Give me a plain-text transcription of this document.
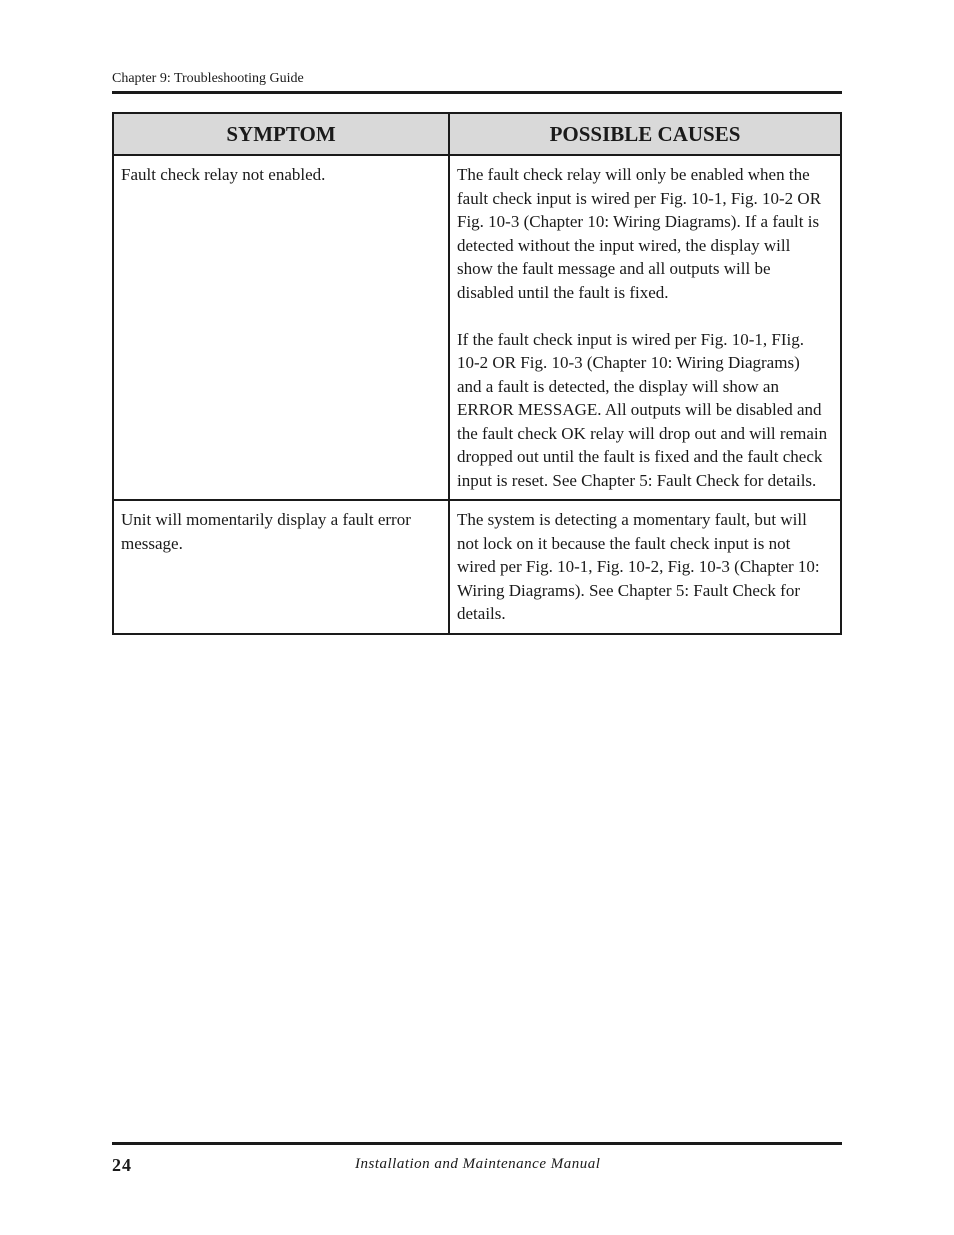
Chapter 9: Troubleshooting Guide
SYMPTOM	POSSIBLE CAUSES
Fault check relay not enabled.	The fault check relay will only be enabled when the fault check input is wired per Fig. 10-1, Fig. 10-2 OR Fig. 10-3 (Chapter 10: Wiring Diagrams). If a fault is detected without the input wired, the display will show the fault message and all outputs will be disabled until the fault is fixed.
If the fault check input is wired per Fig. 10-1, FIig. 10-2 OR Fig. 10-3 (Chapter 10: Wiring Diagrams) and a fault is detected, the display will show an ERROR MESSAGE. All outputs will be disabled and the fault check OK relay will drop out and will remain dropped out until the fault is fixed and the fault check input is reset. See Chapter 5: Fault Check for details.

Unit will momentarily display a fault error message.	The system is detecting a momentary fault, but will not lock on it because the fault check input is not wired per Fig. 10-1, Fig. 10-2, Fig. 10-3 (Chapter 10: Wiring Diagrams). See Chapter 5: Fault Check for details.
24	Installation and Maintenance Manual
